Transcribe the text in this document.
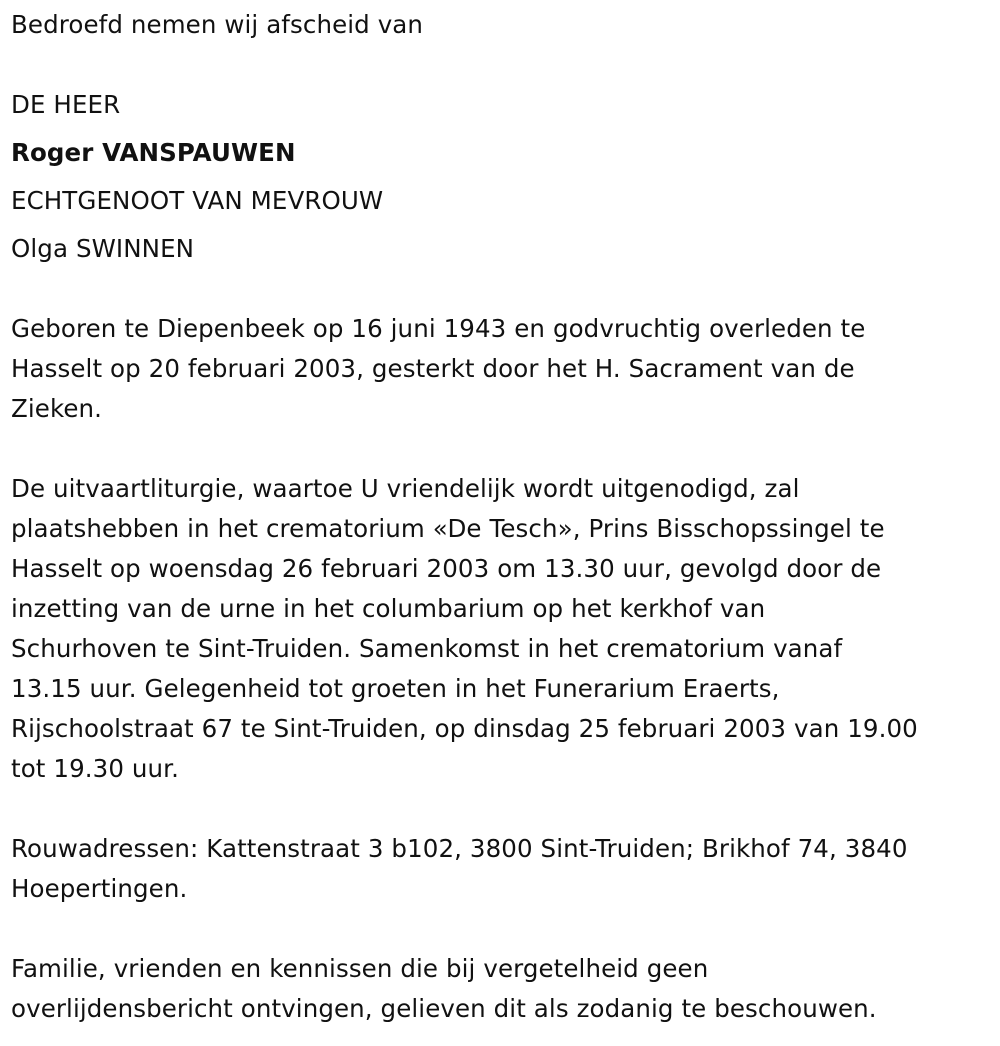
Bedroefd nemen wij afscheid van
DE HEER
Roger VANSPAUWEN
ECHTGENOOT VAN MEVROUW
Olga SWINNEN
Geboren te Diepenbeek op 16 juni 1943 en godvruchtig overleden te
Hasselt op 20 februari 2003, gesterkt door het H. Sacrament van de
Zieken.
De uitvaartliturgie, waartoe U vriendelijk wordt uitgenodigd, zal
plaatshebben in het crematorium «De Tesch», Prins Bisschopssingel te
Hasselt op woensdag 26 februari 2003 om 13.30 uur, gevolgd door de
inzetting van de urne in het columbarium op het kerkhof van
Schurhoven te Sint-Truiden. Samenkomst in het crematorium vanaf
13.15 uur. Gelegenheid tot groeten in het Funerarium Eraerts,
Rijschoolstraat 67 te Sint-Truiden, op dinsdag 25 februari 2003 van 19.00
tot 19.30 uur.
Rouwadressen: Kattenstraat 3 b102, 3800 Sint-Truiden; Brikhof 74, 3840
Hoepertingen.
Familie, vrienden en kennissen die bij vergetelheid geen
overlijdensbericht ontvingen, gelieven dit als zodanig te beschouwen.
